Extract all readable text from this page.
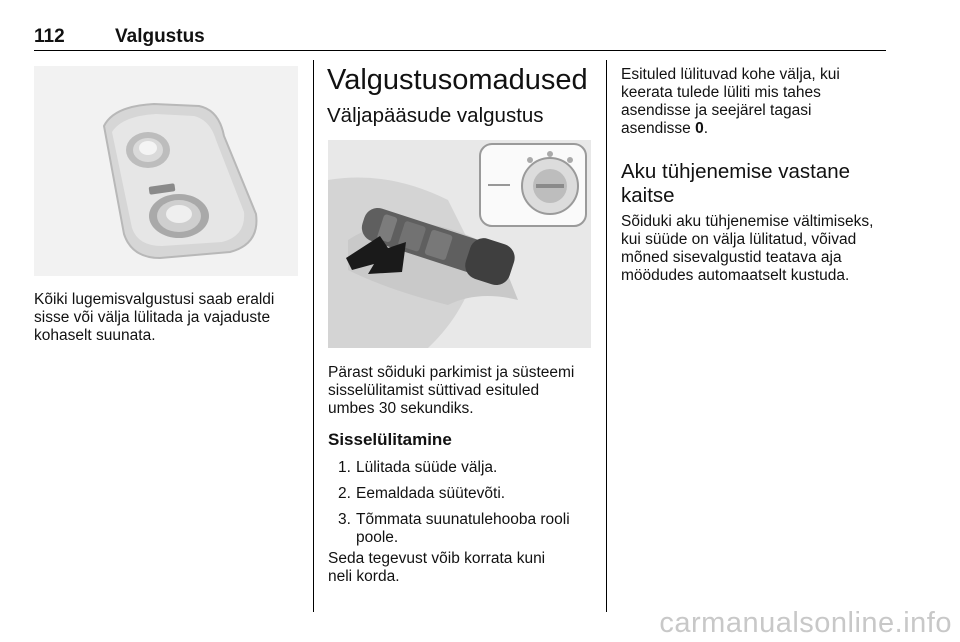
112	Valgustus
Kõiki lugemisvalgustusi saab eraldi
sisse või välja lülitada ja vajaduste
kohaselt suunata.
Valgustusomadused
Väljapääsude valgustus
Pärast sõiduki parkimist ja süsteemi
sisselülitamist süttivad esituled
umbes 30 sekundiks.
Sisselülitamine
1. Lülitada süüde välja.
2. Eemaldada süütevõti.
3. Tõmmata suunatulehooba rooli
poole.
Seda tegevust võib korrata kuni
neli korda.
Esituled lülituvad kohe välja, kui
keerata tulede lüliti mis tahes
asendisse ja seejärel tagasi
asendisse 0.
Aku tühjenemise vastane
kaitse
Sõiduki aku tühjenemise vältimiseks,
kui süüde on välja lülitatud, võivad
mõned sisevalgustid teatava aja
möödudes automaatselt kustuda.
carmanualsonline.info
